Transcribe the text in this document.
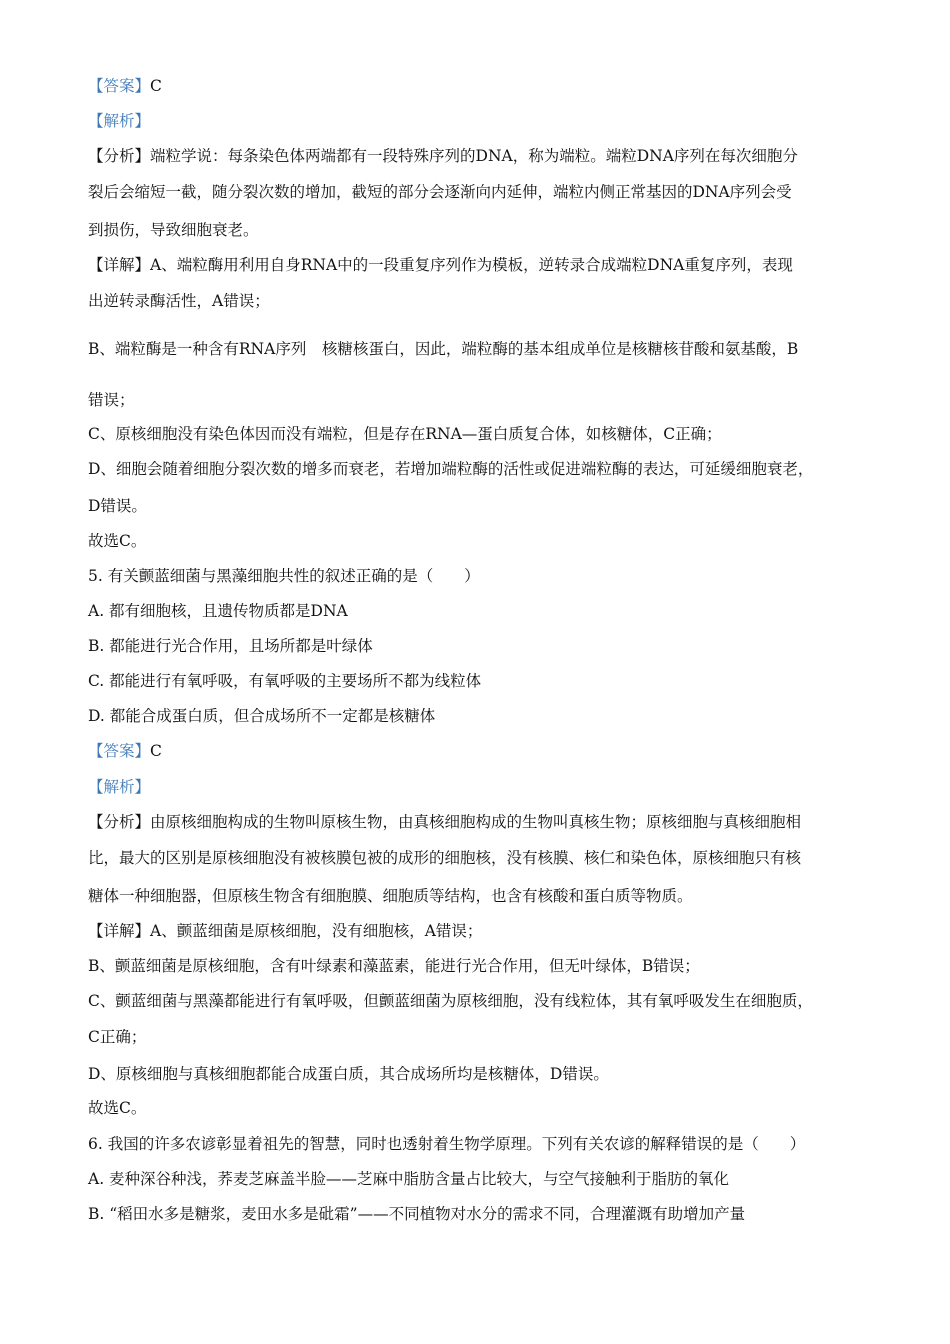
【答案】C
【解析】
【分析】端粒学说：每条染色体两端都有一段特殊序列的DNA，称为端粒。端粒DNA序列在每次细胞分
裂后会缩短一截，随分裂次数的增加，截短的部分会逐渐向内延伸，端粒内侧正常基因的DNA序列会受
到损伤，导致细胞衰老。
【详解】A、端粒酶用利用自身RNA中的一段重复序列作为模板，逆转录合成端粒DNA重复序列，表现
出逆转录酶活性，A错误；
B、端粒酶是一种含有RNA序列　核糖核蛋白，因此，端粒酶的基本组成单位是核糖核苷酸和氨基酸，B
错误；
C、原核细胞没有染色体因而没有端粒，但是存在RNA—蛋白质复合体，如核糖体，C正确；
D、细胞会随着细胞分裂次数的增多而衰老，若增加端粒酶的活性或促进端粒酶的表达，可延缓细胞衰老，
D错误。
故选C。
5. 有关颤蓝细菌与黑藻细胞共性的叙述正确的是（　　）
A. 都有细胞核，且遗传物质都是DNA
B. 都能进行光合作用，且场所都是叶绿体
C. 都能进行有氧呼吸，有氧呼吸的主要场所不都为线粒体
D. 都能合成蛋白质，但合成场所不一定都是核糖体
【答案】C
【解析】
【分析】由原核细胞构成的生物叫原核生物，由真核细胞构成的生物叫真核生物；原核细胞与真核细胞相
比，最大的区别是原核细胞没有被核膜包被的成形的细胞核，没有核膜、核仁和染色体，原核细胞只有核
糖体一种细胞器，但原核生物含有细胞膜、细胞质等结构，也含有核酸和蛋白质等物质。
【详解】A、颤蓝细菌是原核细胞，没有细胞核，A错误；
B、颤蓝细菌是原核细胞，含有叶绿素和藻蓝素，能进行光合作用，但无叶绿体，B错误；
C、颤蓝细菌与黑藻都能进行有氧呼吸，但颤蓝细菌为原核细胞，没有线粒体，其有氧呼吸发生在细胞质，
C正确；
D、原核细胞与真核细胞都能合成蛋白质，其合成场所均是核糖体，D错误。
故选C。
6. 我国的许多农谚彰显着祖先的智慧，同时也透射着生物学原理。下列有关农谚的解释错误的是（　　）
A. 麦种深谷种浅，荞麦芝麻盖半脸——芝麻中脂肪含量占比较大，与空气接触利于脂肪的氧化
B. “稻田水多是糖浆，麦田水多是砒霜”——不同植物对水分的需求不同，合理灌溉有助增加产量
